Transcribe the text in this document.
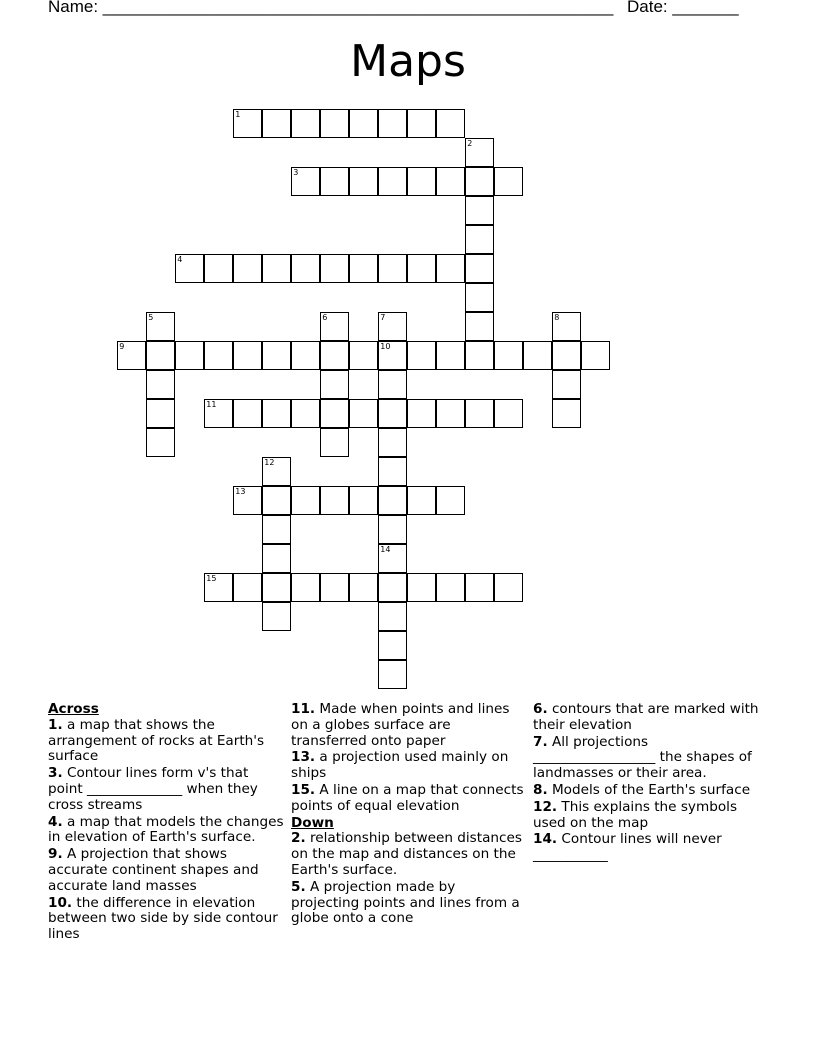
Name: ______________________________________________________ Date: _______
Maps
1
2
3
4
5	6	7
10
14
8
9
11
12
13
15
Across
1. a map that shows the arrangement of rocks at Earth's surface
3. Contour lines form v's that point ______________ when they cross streams
4. a map that models the changes in elevation of Earth's surface.
9. A projection that shows accurate continent shapes and accurate land masses
10. the difference in elevation between two side by side contour lines
11. Made when points and lines on a globes surface are transferred onto paper
13. a projection used mainly on ships
15. A line on a map that connects points of equal elevation
Down
2. relationship between distances on the map and distances on the Earth's surface.
5. A projection made by projecting points and lines from a globe onto a cone
6. contours that are marked with their elevation
7. All projections __________________ the shapes of landmasses or their area.
8. Models of the Earth's surface
12. This explains the symbols used on the map
14. Contour lines will never ___________
